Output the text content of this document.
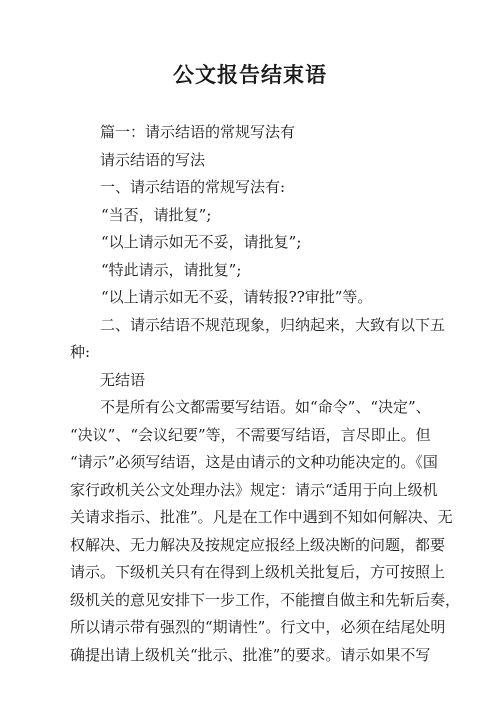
公文报告结束语
篇一：请示结语的常规写法有
请示结语的写法
一、请示结语的常规写法有:
“当否，请批复”;
“以上请示如无不妥，请批复”;
“特此请示，请批复”;
“以上请示如无不妥，请转报??审批”等。
二、请示结语不规范现象，归纳起来，大致有以下五
种:
无结语
不是所有公文都需要写结语。如“命令”、“决定”、
“决议”、“会议纪要”等，不需要写结语，言尽即止。但
“请示”必须写结语，这是由请示的文种功能决定的。《国
家行政机关公文处理办法》规定：请示“适用于向上级机
关请求指示、批准”。凡是在工作中遇到不知如何解决、无
权解决、无力解决及按规定应报经上级决断的问题，都要
请示。下级机关只有在得到上级机关批复后，方可按照上
级机关的意见安排下一步工作，不能擅自做主和先斩后奏，
所以请示带有强烈的“期请性”。行文中，必须在结尾处明
确提出请上级机关“批示、批准”的要求。请示如果不写
